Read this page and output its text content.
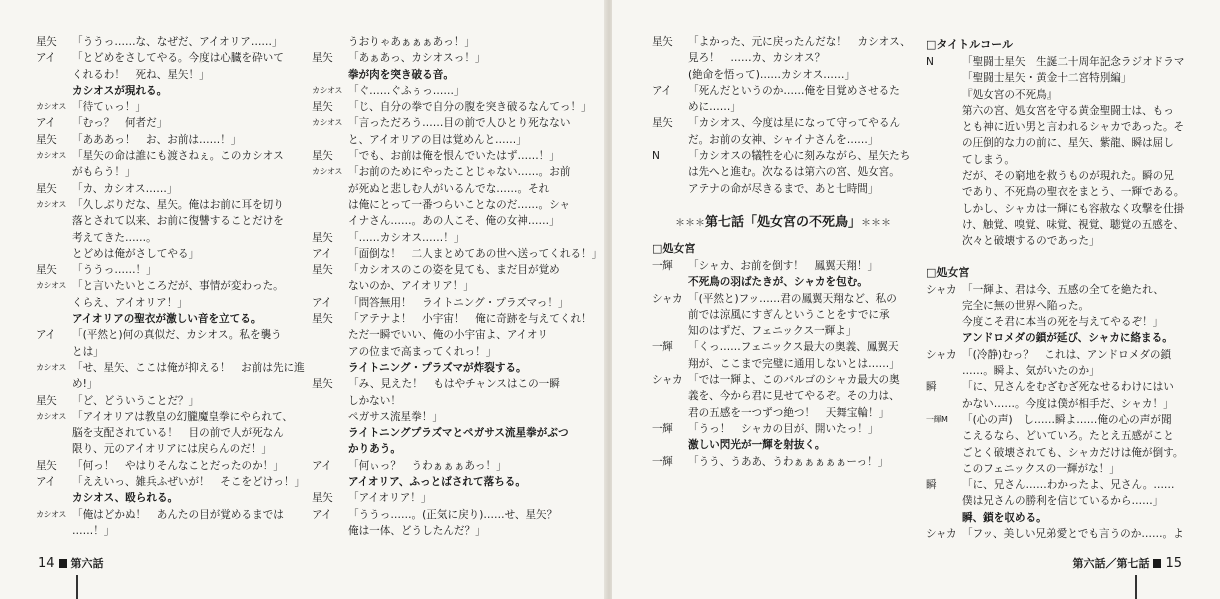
星矢	「ううっ……な、なぜだ、アイオリア……」
アイ	「とどめをさしてやる。今度は心臓を砕いて
くれるわ！　死ね、星矢！」
カシオスが現れる。
カシオス 「待てぃっ！」
アイ	「むっ？　何者だ」
星矢	「あああっ！　お、お前は……！」
カシオス 「星矢の命は誰にも渡さねぇ。このカシオス
がもらう！」
星矢	「カ、カシオス……」
カシオス 「久しぶりだな、星矢。俺はお前に耳を切り
落とされて以来、お前に復讐することだけを
考えてきた……。
とどめは俺がさしてやる」
星矢	「ううっ……！」
カシオス 「と言いたいところだが、事情が変わった。
くらえ、アイオリア！」
アイオリアの聖衣が激しい音を立てる。
アイ	「(平然と)何の真似だ、カシオス。私を襲う
とは」
カシオス 「せ、星矢、ここは俺が抑える！　お前は先に進
め!」
星矢	「ど、どういうことだ？」
カシオス 「アイオリアは教皇の幻朧魔皇拳にやられて、
脳を支配されている！　目の前で人が死なん
限り、元のアイオリアには戻らんのだ！」
星矢	「何っ！　やはりそんなことだったのか！」
アイ	「ええいっ、雑兵ふぜいが！　そこをどけっ！」
カシオス、殴られる。
カシオス 「俺はどかぬ！　あんたの目が覚めるまでは
……！」
うおりゃあぁぁぁあっ！」
星矢	「あぁあっ、カシオスっ！」
拳が肉を突き破る音。
カシオス 「ぐ……ぐふぅっ……」
星矢	「じ、自分の拳で自分の腹を突き破るなんてっ！」
カシオス 「言っただろう……目の前で人ひとり死なない
と、アイオリアの目は覚めんと……」
星矢	「でも、お前は俺を恨んでいたはず……！」
カシオス 「お前のためにやったことじゃない……。お前
が死ぬと悲しむ人がいるんでな……。それ
は俺にとって一番つらいことなのだ……。シャ
イナさん……。あの人こそ、俺の女神……」
星矢	「……カシオス……！」
アイ	「面倒な！　二人まとめてあの世へ送ってくれる！」
星矢	「カシオスのこの姿を見ても、まだ目が覚め
ないのか、アイオリア！」
アイ	「問答無用！　ライトニング・プラズマっ！」
星矢	「アテナよ！　小宇宙！　俺に奇跡を与えてくれ！
ただ一瞬でいい、俺の小宇宙よ、アイオリ
アの位まで高まってくれっ！」
ライトニング・プラズマが炸裂する。
星矢	「み、見えた！　もはやチャンスはこの一瞬
しかない！
ペガサス流星拳！」
ライトニングプラズマとペガサス流星拳がぶつ
かりあう。
アイ	「何ぃっ？　うわぁぁぁあっ！」
アイオリア、ふっとばされて落ちる。
星矢	「アイオリア！」
アイ	「ううっ……。(正気に戻り)……せ、星矢？
俺は一体、どうしたんだ？」
14 第六話
星矢	「よかった、元に戻ったんだな！　カシオス、
見ろ！　……カ、カシオス？
(絶命を悟って)……カシオス……」
アイ	「死んだというのか……俺を目覚めさせるた
めに……」
星矢	「カシオス、今度は星になって守ってやるん
だ。お前の女神、シャイナさんを……」
N	「カシオスの犠牲を心に刻みながら、星矢たち
は先へと進む。次なるは第六の宮、処女宮。
アテナの命が尽きるまで、あと七時間」
＊＊＊第七話「処女宮の不死鳥」＊＊＊
□処女宮
一輝	「シャカ、お前を倒す！　鳳翼天翔！」
不死鳥の羽ばたきが、シャカを包む。
シャカ 「(平然と)フッ……君の鳳翼天翔など、私の
前では涼風にすぎんということをすでに承
知のはずだ、フェニックス一輝よ」
一輝	「くっ……フェニックス最大の奥義、鳳翼天
翔が、ここまで完璧に通用しないとは……」
シャカ 「では一輝よ、このバルゴのシャカ最大の奥
義を、今から君に見せてやるぞ。その力は、
君の五感を一つずつ絶つ！　天舞宝輪！」
一輝	「うっ！　シャカの目が、開いたっ！」
激しい閃光が一輝を射抜く。
一輝	「うう、うああ、うわぁぁぁぁぁーっ！」
□タイトルコール
N	「聖闘士星矢　生誕二十周年記念ラジオドラマ
「聖闘士星矢・黄金十二宮特別編」
『処女宮の不死鳥』
第六の宮、処女宮を守る黄金聖闘士は、もっ
とも神に近い男と言われるシャカであった。そ
の圧倒的な力の前に、星矢、紫龍、瞬は屈し
てしまう。
だが、その窮地を救うものが現れた。瞬の兄
であり、不死鳥の聖衣をまとう、一輝である。
しかし、シャカは一輝にも容赦なく攻撃を仕掛
け、触覚、嗅覚、味覚、視覚、聴覚の五感を、
次々と破壊するのであった」
□処女宮
シャカ 「一輝よ、君は今、五感の全てを絶たれ、
完全に無の世界へ陥った。
今度こそ君に本当の死を与えてやるぞ！」
アンドロメダの鎖が延び、シャカに絡まる。
シャカ 「(冷静)むっ？　これは、アンドロメダの鎖
……。瞬よ、気がいたのか」
瞬	「に、兄さんをむざむざ死なせるわけにはい
かない……。今度は僕が相手だ、シャカ！」
一輝M	「(心の声)　し……瞬よ……俺の心の声が聞
こえるなら、どいていろ。たとえ五感がこと
ごとく破壊されても、シャカだけは俺が倒す。
このフェニックスの一輝がな！」
瞬	「に、兄さん……わかったよ、兄さん。……
僕は兄さんの勝利を信じているから……」
瞬、鎖を収める。
シャカ 「フッ、美しい兄弟愛とでも言うのか……。よ
第六話／第七話 15
